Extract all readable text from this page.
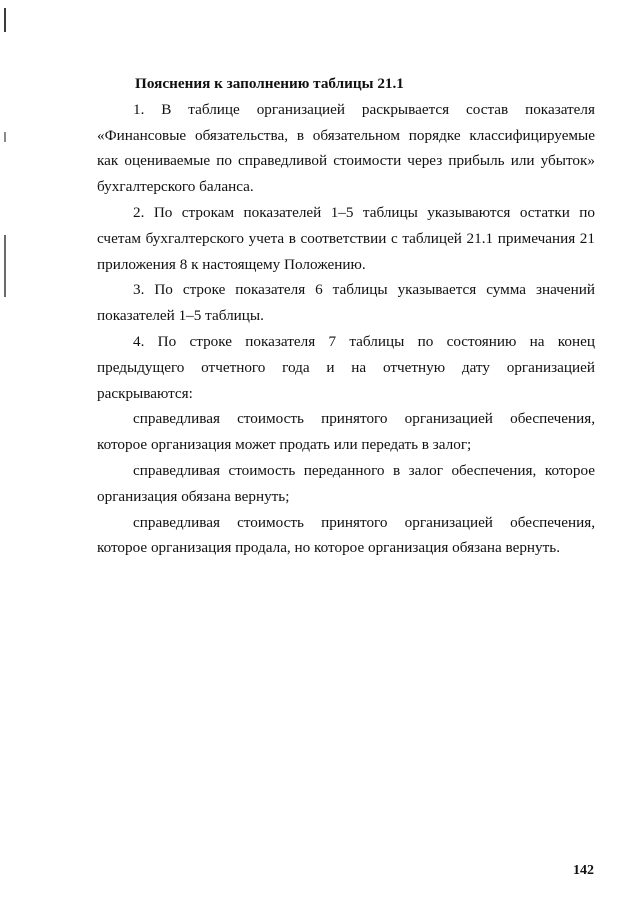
Пояснения к заполнению таблицы 21.1

1. В таблице организацией раскрывается состав показателя «Финансовые обязательства, в обязательном порядке классифицируемые как оцениваемые по справедливой стоимости через прибыль или убыток» бухгалтерского баланса.

2. По строкам показателей 1–5 таблицы указываются остатки по счетам бухгалтерского учета в соответствии с таблицей 21.1 примечания 21 приложения 8 к настоящему Положению.

3. По строке показателя 6 таблицы указывается сумма значений показателей 1–5 таблицы.

4. По строке показателя 7 таблицы по состоянию на конец предыдущего отчетного года и на отчетную дату организацией раскрываются:

справедливая стоимость принятого организацией обеспечения, которое организация может продать или передать в залог;

справедливая стоимость переданного в залог обеспечения, которое организация обязана вернуть;

справедливая стоимость принятого организацией обеспечения, которое организация продала, но которое организация обязана вернуть.

142
